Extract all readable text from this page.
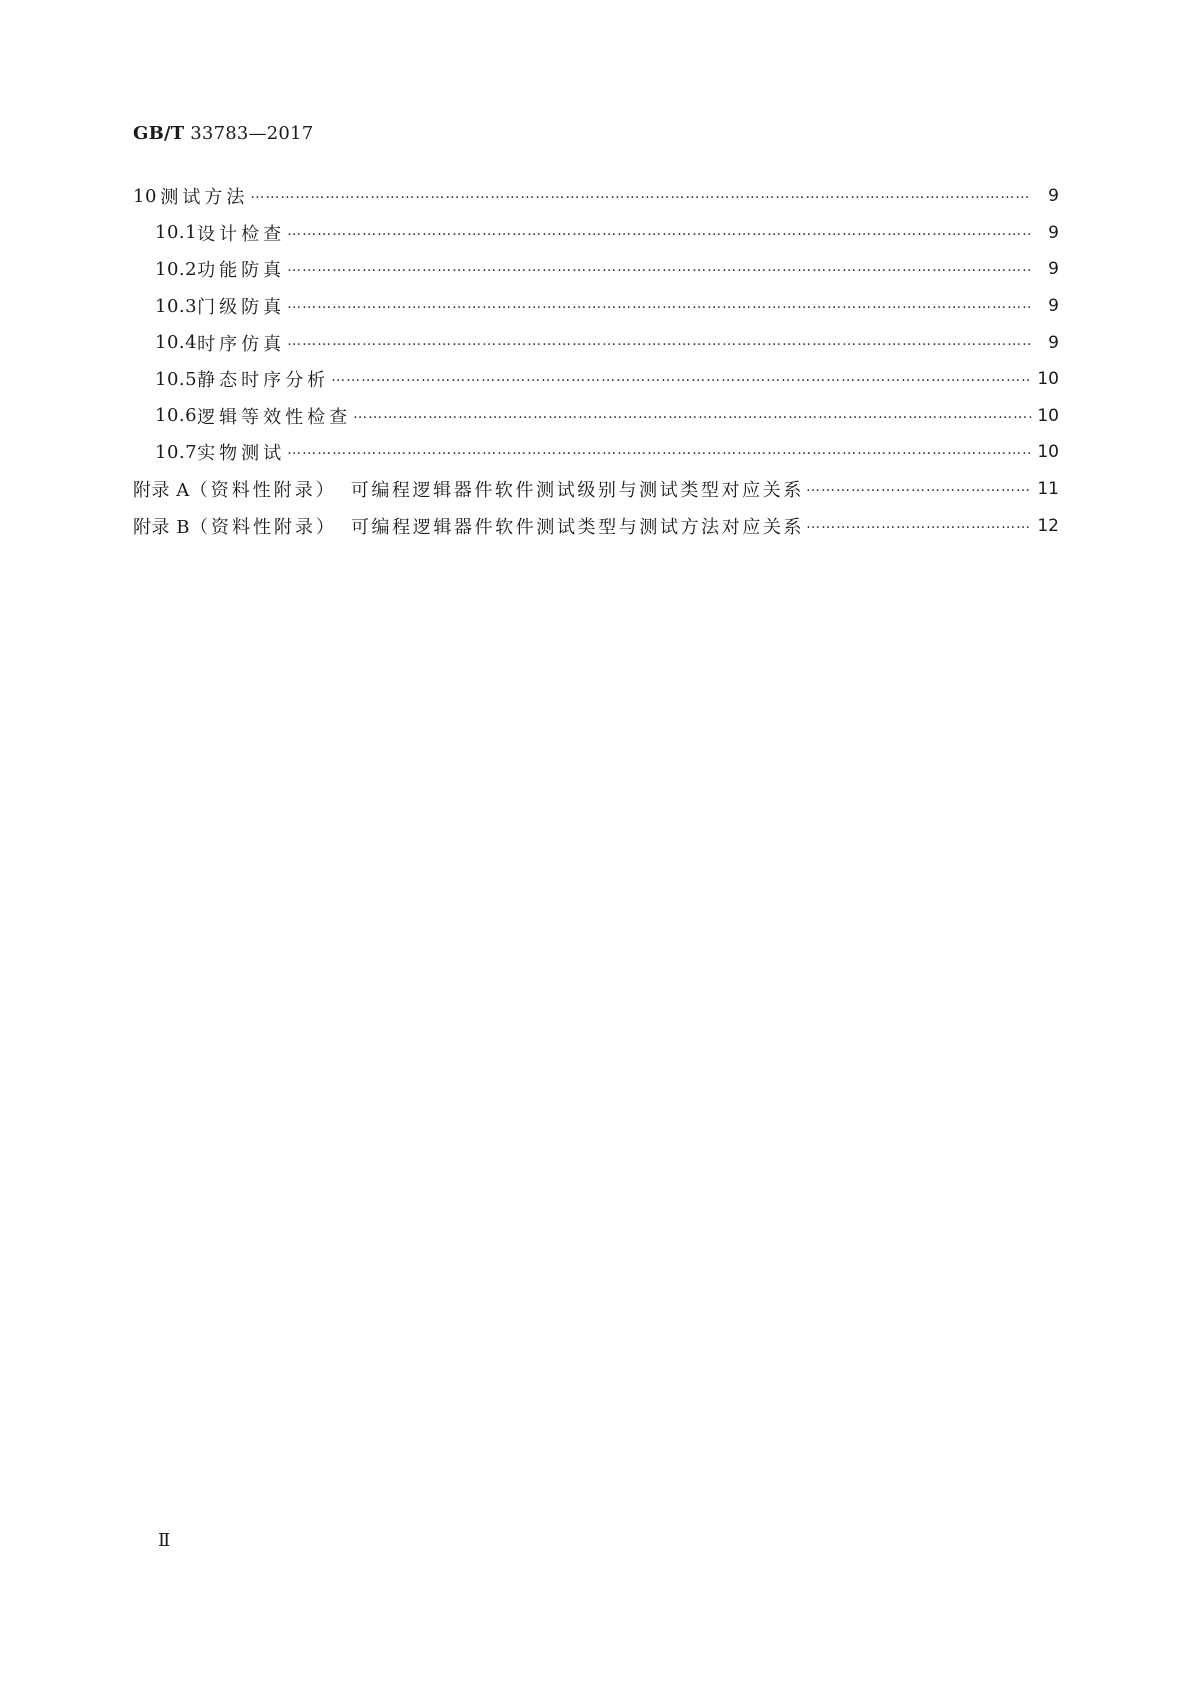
GB/T 33783—2017
10 测试方法 ……………………………………………………………………………………………………………………………………………………………………………………………………………………	9
10.1 设计检查 ……………………………………………………………………………………………………………………………………………………………………………………………………………………	9
10.2 功能防真 ……………………………………………………………………………………………………………………………………………………………………………………………………………………	9
10.3 门级防真 ……………………………………………………………………………………………………………………………………………………………………………………………………………………	9
10.4 时序仿真 ……………………………………………………………………………………………………………………………………………………………………………………………………………………	9
10.5 静态时序分析 ……………………………………………………………………………………………………………………………………………………………………………………………………………………	10
10.6 逻辑等效性检查 ……………………………………………………………………………………………………………………………………………………………………………………………………………………	10
10.7 实物测试 ……………………………………………………………………………………………………………………………………………………………………………………………………………………	10
附录 A （资料性附录） 可编程逻辑器件软件测试级别与测试类型对应关系 ……………………………………………………………………………………………………………………………………………………………………………………………………………………	11
附录 B （资料性附录） 可编程逻辑器件软件测试类型与测试方法对应关系 ……………………………………………………………………………………………………………………………………………………………………………………………………………………	12
Ⅱ
